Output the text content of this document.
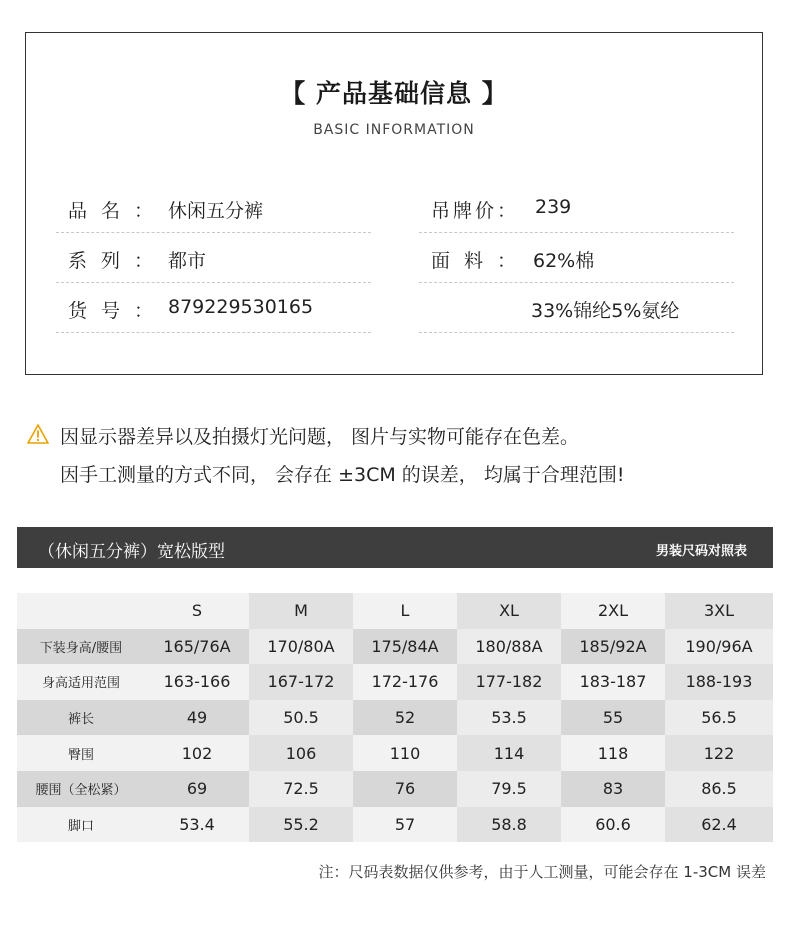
【 产品基础信息 】
BASIC INFORMATION
品 名 ： 休闲五分裤
系 列 ： 都市
货 号 ： 879229530165
吊 牌 价 ： 239
面 料 ： 62%棉
33%锦纶5%氨纶
因显示器差异以及拍摄灯光问题， 图片与实物可能存在色差。
因手工测量的方式不同， 会存在 ±3CM 的误差， 均属于合理范围!
（休闲五分裤）宽松版型	男装尺码对照表
	S	M	L	XL	2XL	3XL
下装身高/腰围	165/76A	170/80A	175/84A	180/88A	185/92A	190/96A
身高适用范围	163-166	167-172	172-176	177-182	183-187	188-193
裤长	49	50.5	52	53.5	55	56.5
臀围	102	106	110	114	118	122
腰围（全松紧）	69	72.5	76	79.5	83	86.5
脚口	53.4	55.2	57	58.8	60.6	62.4
注：尺码表数据仅供参考，由于人工测量，可能会存在 1-3CM 误差
